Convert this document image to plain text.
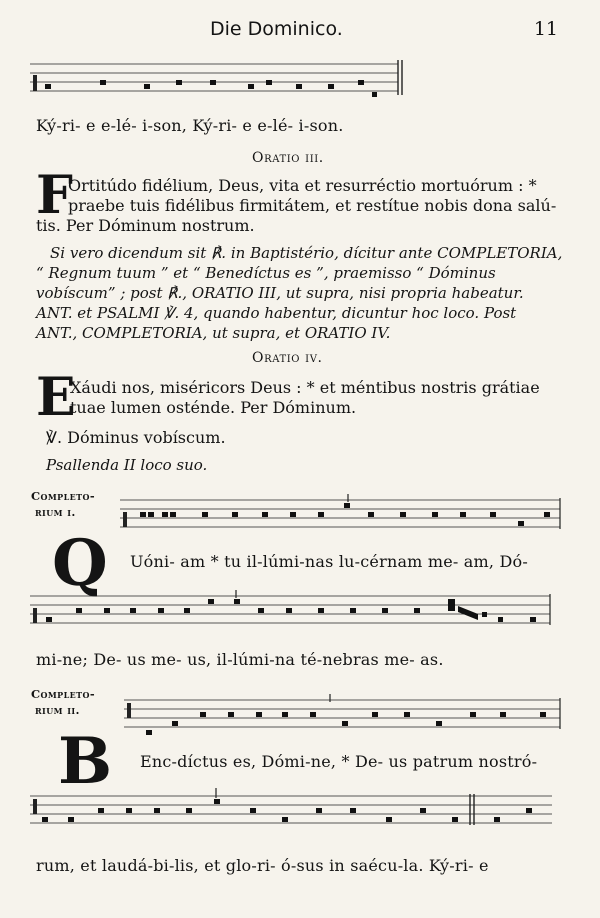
Die Dominico.	11
Ký-ri- e e-lé- i-son, Ký-ri- e e-lé- i-son.
Oratio iii.
F
Ortitúdo fidélium, Deus, vita et resurréctio mortuórum : *
praebe tuis fidélibus firmitátem, et restítue nobis dona salú-
tis. Per Dóminum nostrum.
Si vero dicendum sit ℟. in Baptistério, dícitur ante COMPLETORIA,
“ Regnum tuum ” et “ Benedíctus es ”, praemisso “ Dóminus
vobíscum” ; post ℟., ORATIO III, ut supra, nisi propria habeatur.
ANT. et PSALMI ℣. 4, quando habentur, dicuntur hoc loco. Post
ANT., COMPLETORIA, ut supra, et ORATIO IV.
Oratio iv.
E
Xáudi nos, miséricors Deus : * et méntibus nostris grátiae
tuae lumen osténde. Per Dóminum.
℣. Dóminus vobíscum.
Psallenda II loco suo.
Completo-
rium i.
Q Uóni- am * tu il-lúmi-nas lu-cérnam me- am, Dó-
mi-ne; De- us me- us, il-lúmi-na té-nebras me- as.
Completo-
rium ii.
B Enc-díctus es, Dómi-ne, * De- us patrum nostró-
rum, et laudá-bi-lis, et glo-ri- ó-sus in saécu-la. Ký-ri- e
